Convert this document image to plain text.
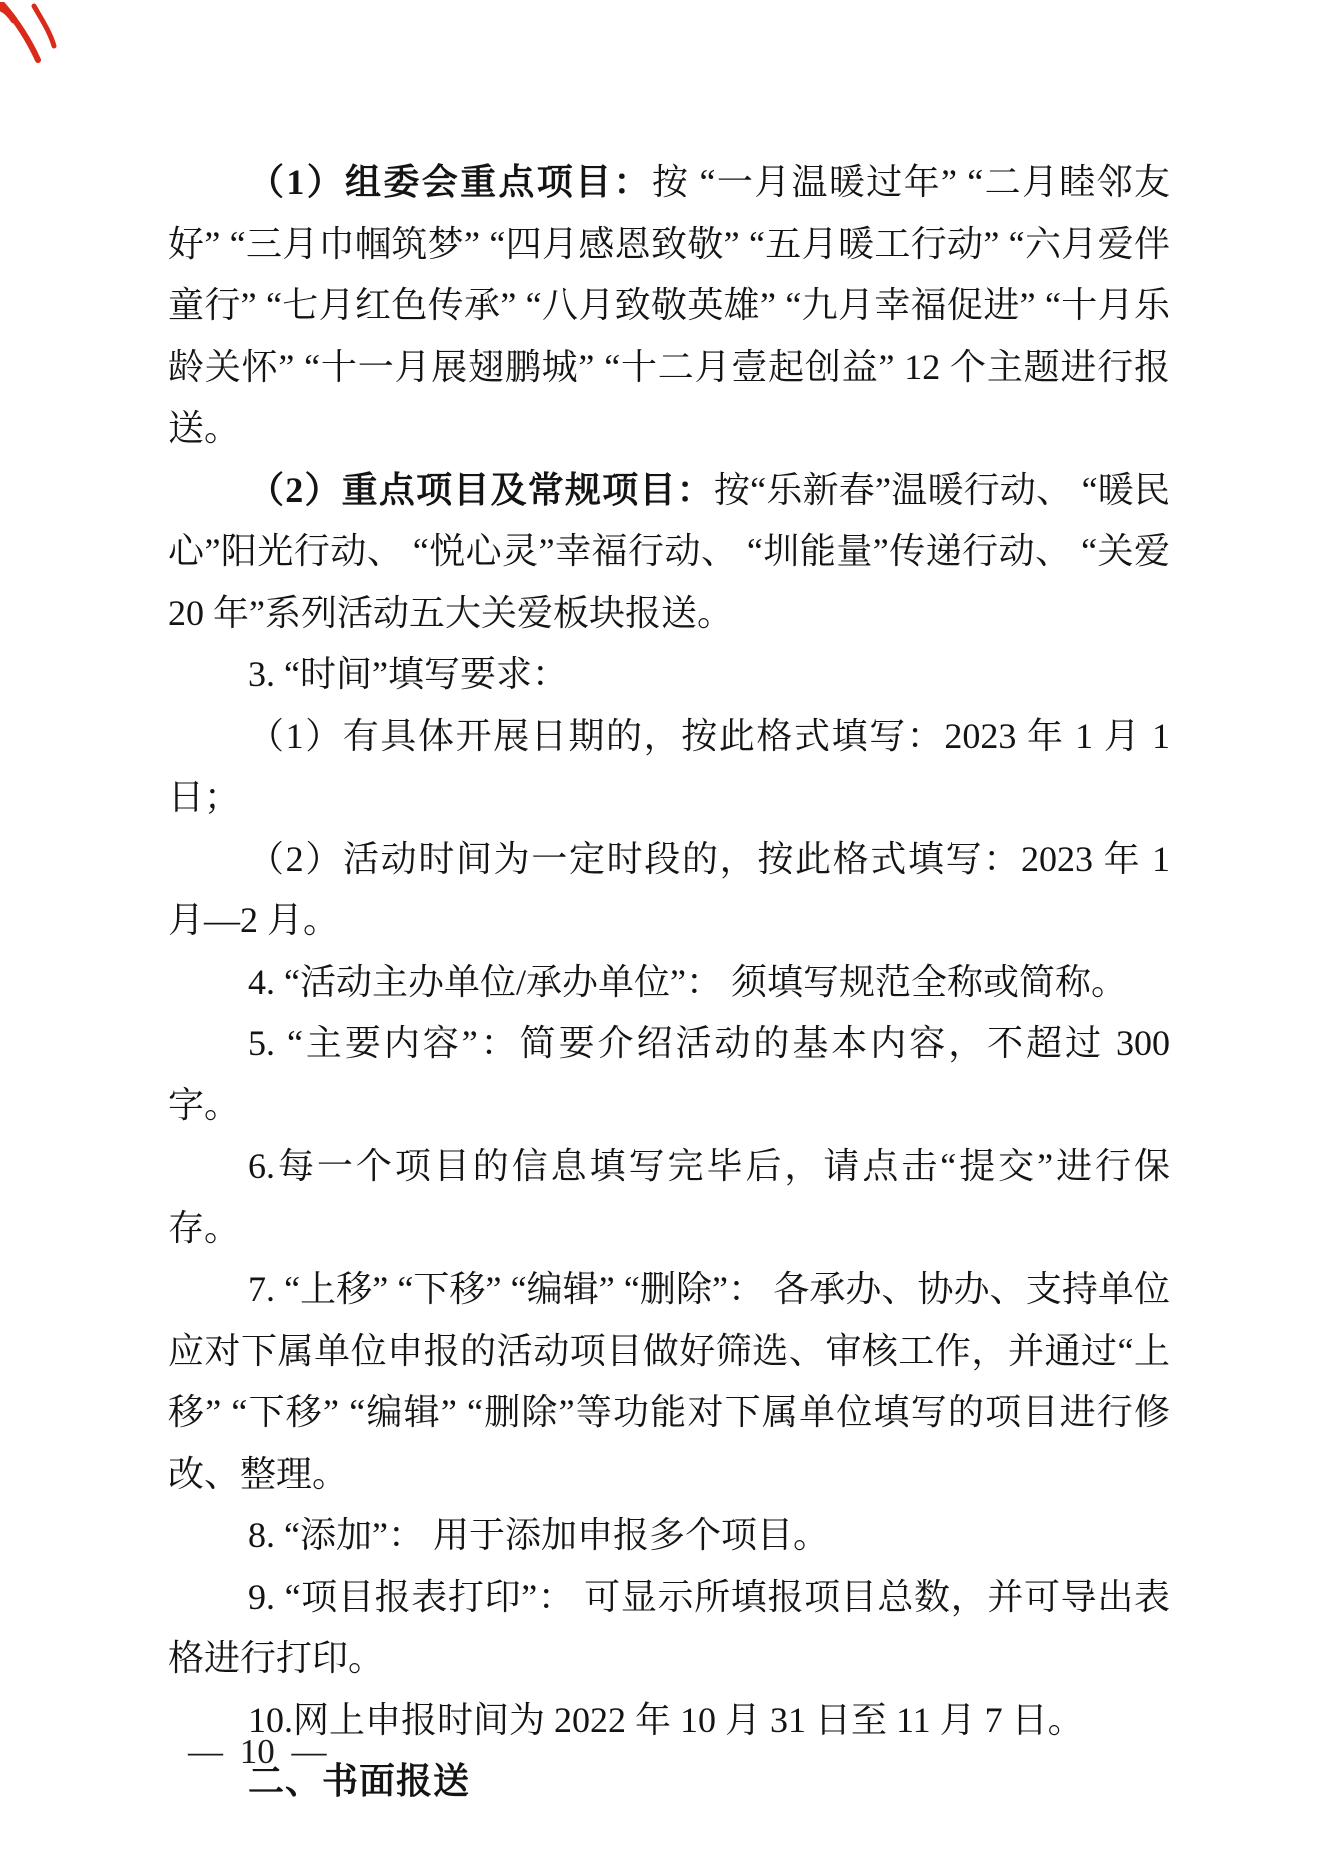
（1）组委会重点项目：按 “一月温暖过年” “二月睦邻友好” “三月巾帼筑梦” “四月感恩致敬” “五月暖工行动” “六月爱伴童行” “七月红色传承” “八月致敬英雄” “九月幸福促进” “十月乐龄关怀” “十一月展翅鹏城” “十二月壹起创益” 12 个主题进行报送。

（2）重点项目及常规项目：按“乐新春”温暖行动、 “暖民心”阳光行动、 “悦心灵”幸福行动、 “圳能量”传递行动、 “关爱 20 年”系列活动五大关爱板块报送。

3. “时间”填写要求：

（1）有具体开展日期的，按此格式填写：2023 年 1 月 1 日；

（2）活动时间为一定时段的，按此格式填写：2023 年 1 月—2 月。

4. “活动主办单位/承办单位”： 须填写规范全称或简称。

5. “主要内容”：简要介绍活动的基本内容，不超过 300 字。

6.每一个项目的信息填写完毕后，请点击“提交”进行保存。

7. “上移” “下移” “编辑” “删除”： 各承办、协办、支持单位应对下属单位申报的活动项目做好筛选、审核工作，并通过“上移” “下移” “编辑” “删除”等功能对下属单位填写的项目进行修改、整理。

8. “添加”： 用于添加申报多个项目。

9. “项目报表打印”： 可显示所填报项目总数，并可导出表格进行打印。

10.网上申报时间为 2022 年 10 月 31 日至 11 月 7 日。

二、书面报送

— 10 —
